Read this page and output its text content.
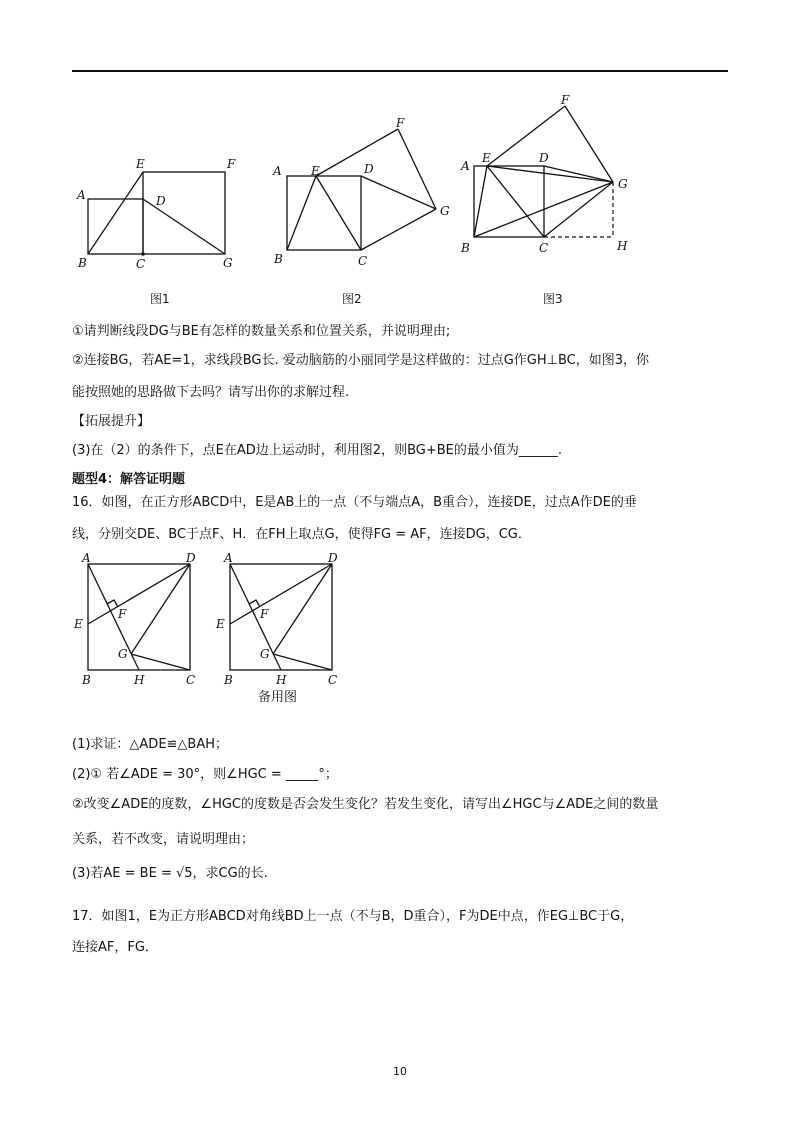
A
B	C
D
E	F
G
图1
A
B	C
D
E
F
G
图2
A
B	C
D
E
F
G
H
图3
①请判断线段DG与BE有怎样的数量关系和位置关系，并说明理由;
②连接BG，若AE=1，求线段BG长. 爱动脑筋的小丽同学是这样做的：过点G作GH⊥BC，如图3，你
能按照她的思路做下去吗？请写出你的求解过程.
【拓展提升】
(3)在（2）的条件下，点E在AD边上运动时，利用图2，则BG+BE的最小值为______.
题型4：解答证明题
16．如图，在正方形ABCD中，E是AB上的一点（不与端点A，B重合），连接DE，过点A作DE的垂
线，分别交DE、BC于点F、H．在FH上取点G，使得FG = AF，连接DG，CG．
A	D
E
F
G
B	H	C
A	D
E
F
G
B	H	C
备用图
(1)求证：△ADE≌△BAH；
(2)① 若∠ADE = 30°，则∠HGC = _____°；
②改变∠ADE的度数，∠HGC的度数是否会发生变化？若发生变化，请写出∠HGC与∠ADE之间的数量
关系，若不改变，请说明理由；
(3)若AE = BE = √5，求CG的长.
17．如图1，E为正方形ABCD对角线BD上一点（不与B，D重合），F为DE中点，作EG⊥BC于G，
连接AF，FG．
10
